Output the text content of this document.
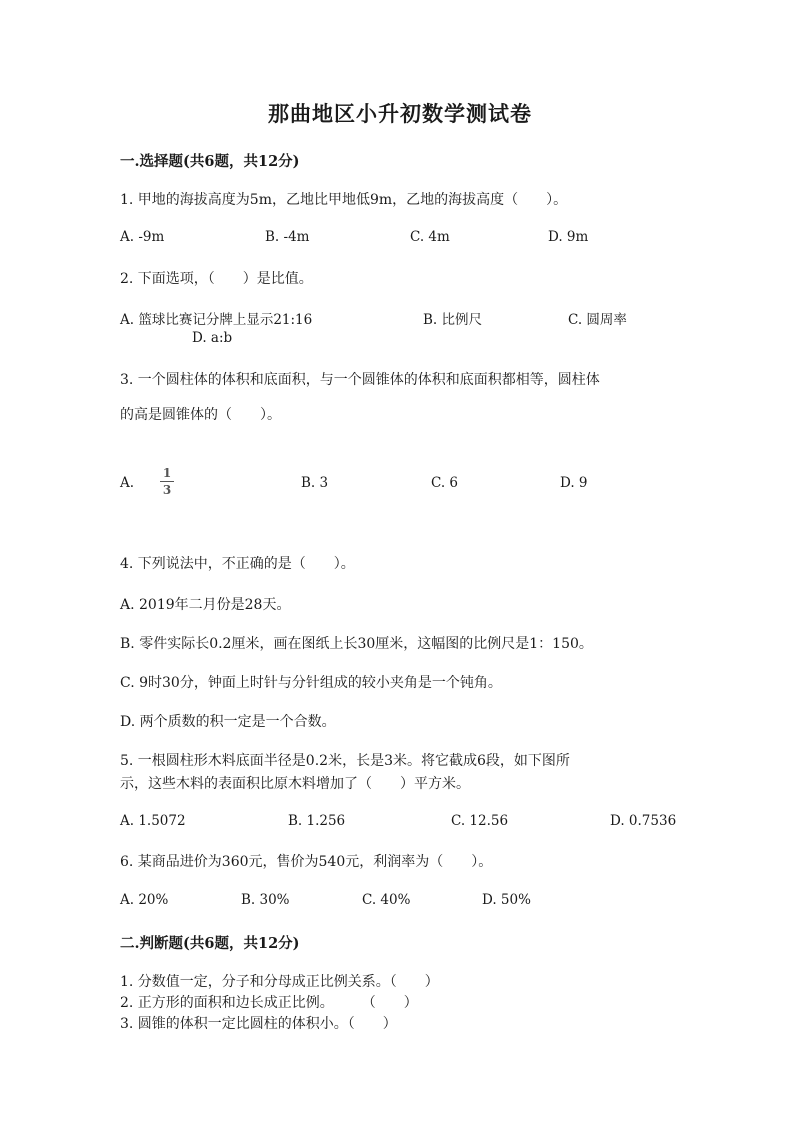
那曲地区小升初数学测试卷
一.选择题(共6题，共12分)
1. 甲地的海拔高度为5m，乙地比甲地低9m，乙地的海拔高度（　　）。
A. -9m	B. -4m	C. 4m	D. 9m
2. 下面选项，（　　）是比值。
A. 篮球比赛记分牌上显示21:16	B. 比例尺	C. 圆周率
D. a:b
3. 一个圆柱体的体积和底面积，与一个圆锥体的体积和底面积都相等，圆柱体
的高是圆锥体的（　　）。
A.
1
3	B. 3	C. 6	D. 9
4. 下列说法中，不正确的是（　　）。
A. 2019年二月份是28天。
B. 零件实际长0.2厘米，画在图纸上长30厘米，这幅图的比例尺是1：150。
C. 9时30分，钟面上时针与分针组成的较小夹角是一个钝角。
D. 两个质数的积一定是一个合数。
5. 一根圆柱形木料底面半径是0.2米，长是3米。将它截成6段，如下图所
示，这些木料的表面积比原木料增加了（　　）平方米。
A. 1.5072	B. 1.256	C. 12.56	D. 0.7536
6. 某商品进价为360元，售价为540元，利润率为（　　）。
A. 20%	B. 30%	C. 40%	D. 50%
二.判断题(共6题，共12分)
1. 分数值一定，分子和分母成正比例关系。（　　）
2. 正方形的面积和边长成正比例。　　　（　　）
3. 圆锥的体积一定比圆柱的体积小。（　　）
